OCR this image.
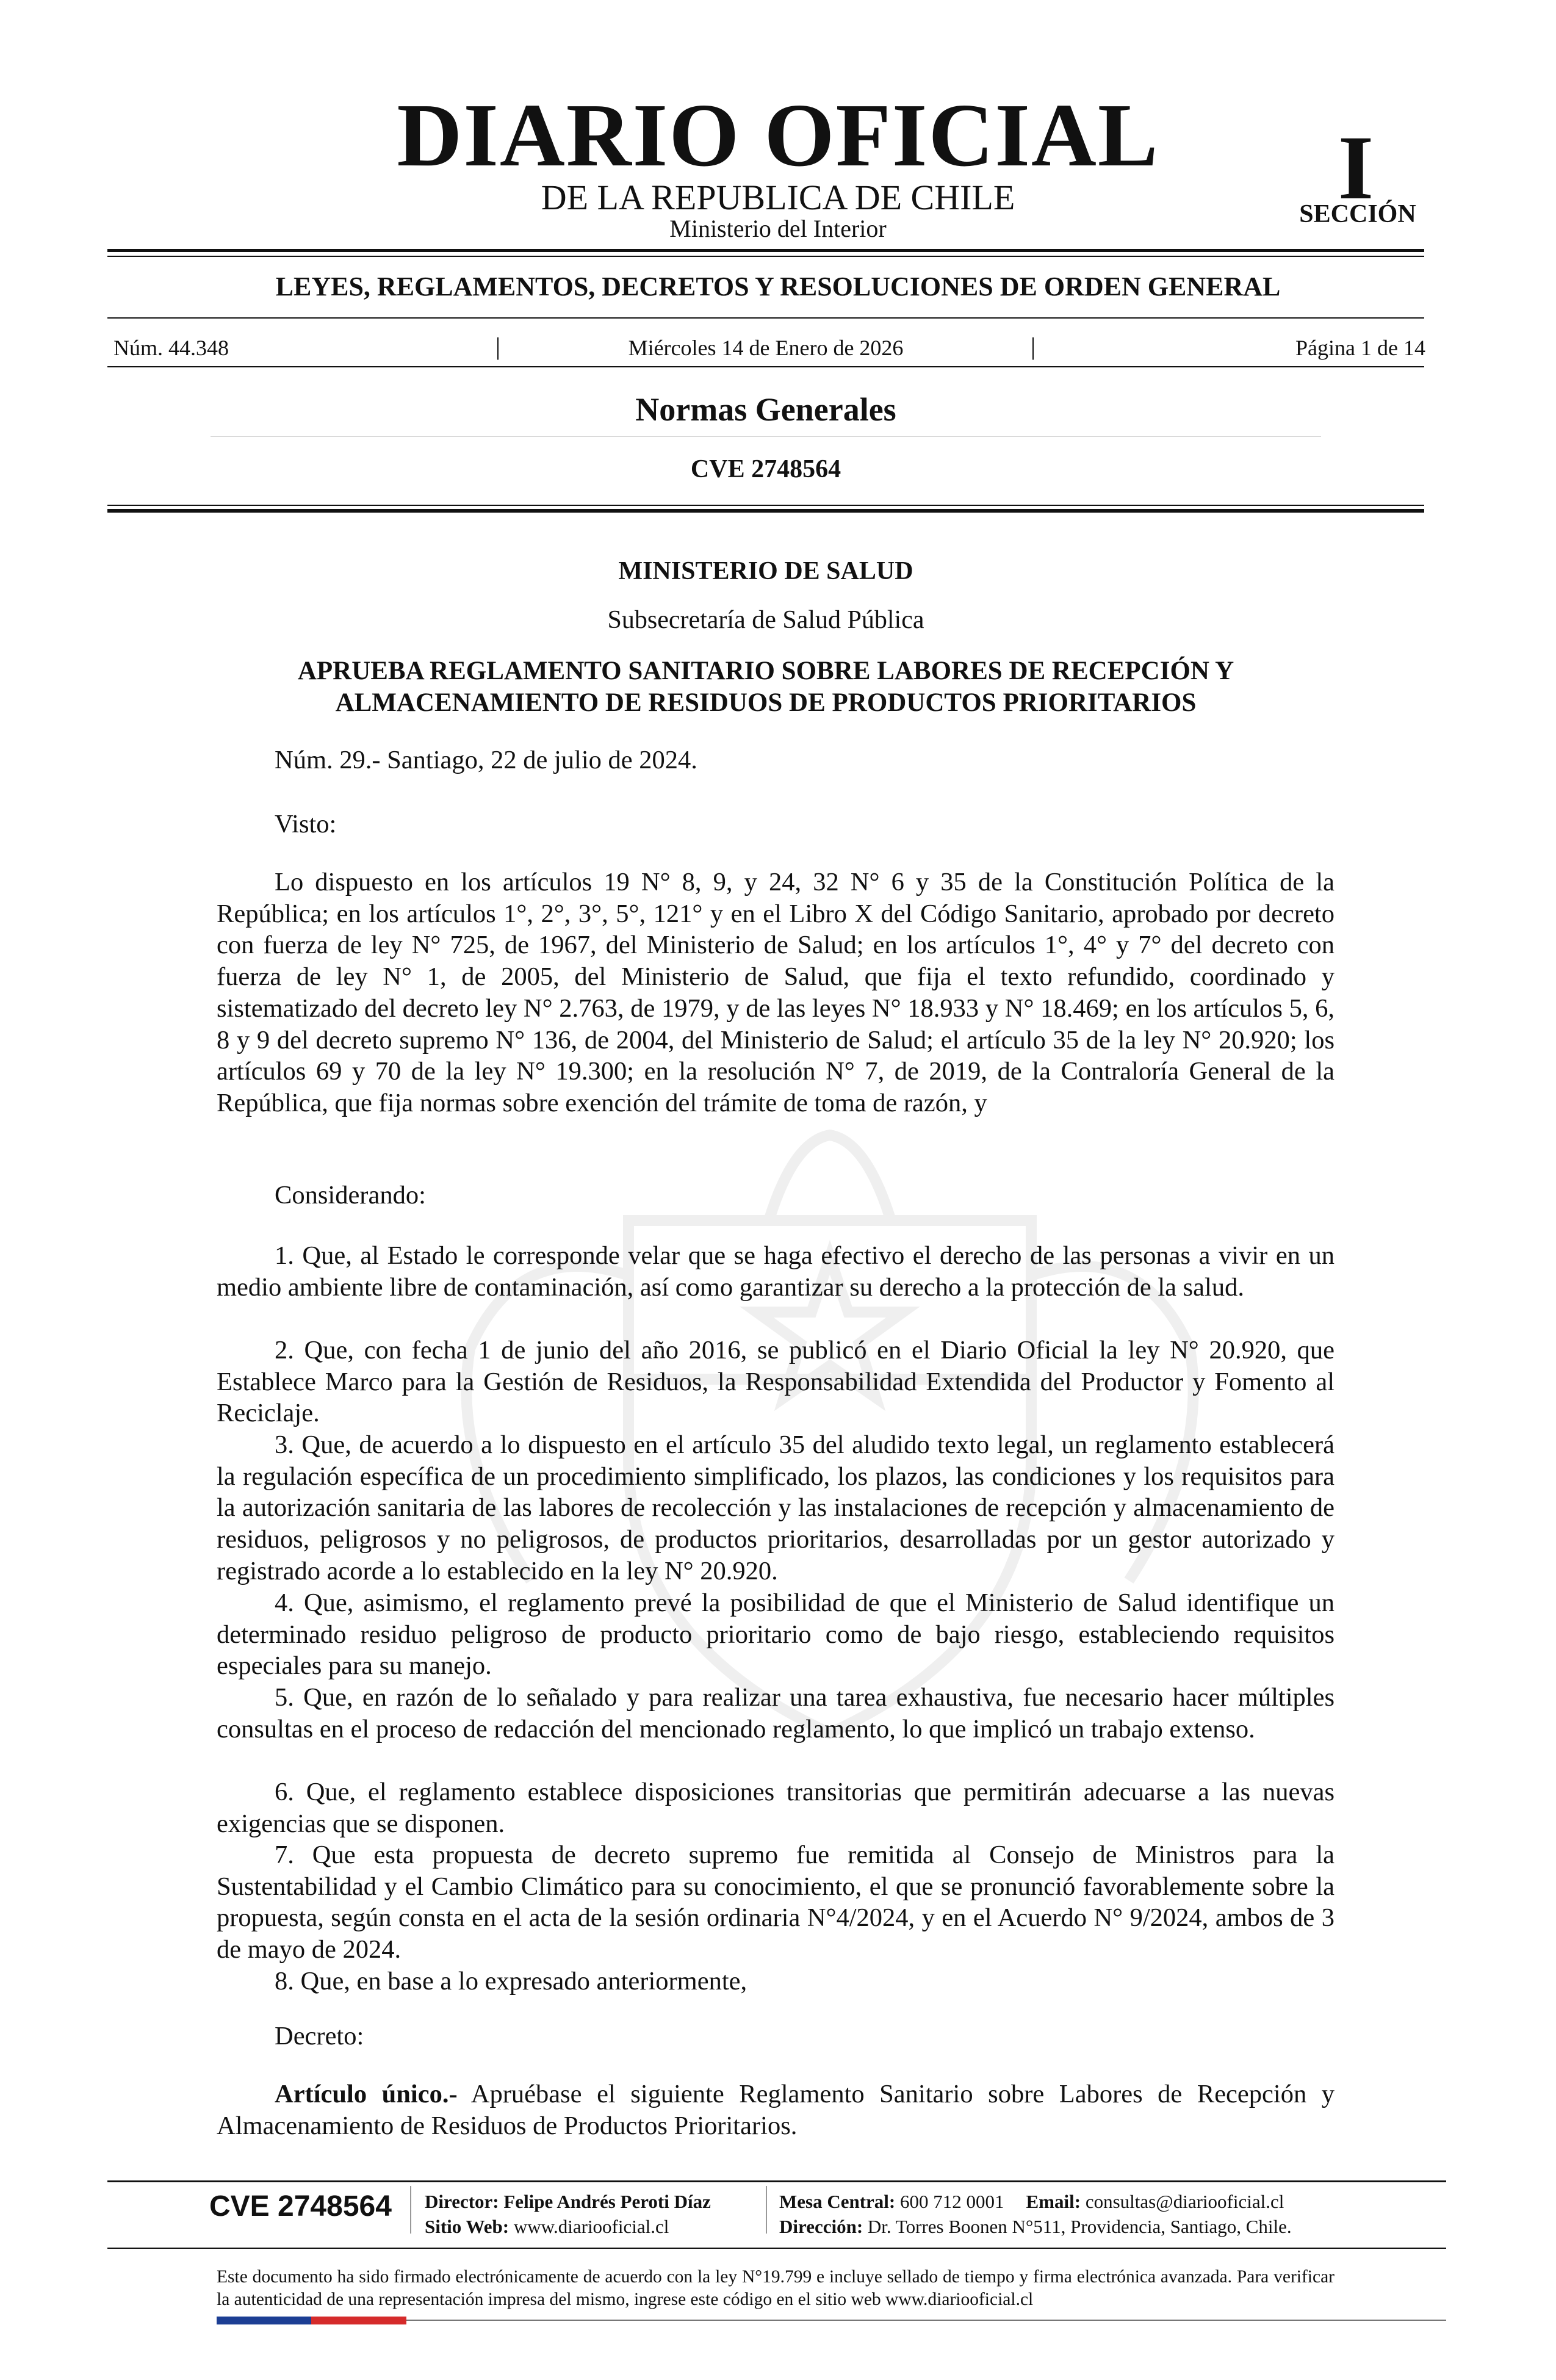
DIARIO OFICIAL
DE LA REPUBLICA DE CHILE
Ministerio del Interior
I
SECCIÓN
LEYES, REGLAMENTOS, DECRETOS Y RESOLUCIONES DE ORDEN GENERAL
Núm. 44.348	|	Miércoles 14 de Enero de 2026	|	Página 1 de 14
Normas Generales
CVE 2748564
MINISTERIO DE SALUD
Subsecretaría de Salud Pública
APRUEBA REGLAMENTO SANITARIO SOBRE LABORES DE RECEPCIÓN Y ALMACENAMIENTO DE RESIDUOS DE PRODUCTOS PRIORITARIOS

Núm. 29.- Santiago, 22 de julio de 2024.

Visto:

Lo dispuesto en los artículos 19 N° 8, 9, y 24, 32 N° 6 y 35 de la Constitución Política de la República; en los artículos 1°, 2°, 3°, 5°, 121° y en el Libro X del Código Sanitario, aprobado por decreto con fuerza de ley N° 725, de 1967, del Ministerio de Salud; en los artículos 1°, 4° y 7° del decreto con fuerza de ley N° 1, de 2005, del Ministerio de Salud, que fija el texto refundido, coordinado y sistematizado del decreto ley N° 2.763, de 1979, y de las leyes N° 18.933 y N° 18.469; en los artículos 5, 6, 8 y 9 del decreto supremo N° 136, de 2004, del Ministerio de Salud; el artículo 35 de la ley N° 20.920; los artículos 69 y 70 de la ley N° 19.300; en la resolución N° 7, de 2019, de la Contraloría General de la República, que fija normas sobre exención del trámite de toma de razón, y

Considerando:

1. Que, al Estado le corresponde velar que se haga efectivo el derecho de las personas a vivir en un medio ambiente libre de contaminación, así como garantizar su derecho a la protección de la salud.

2. Que, con fecha 1 de junio del año 2016, se publicó en el Diario Oficial la ley N° 20.920, que Establece Marco para la Gestión de Residuos, la Responsabilidad Extendida del Productor y Fomento al Reciclaje.

3. Que, de acuerdo a lo dispuesto en el artículo 35 del aludido texto legal, un reglamento establecerá la regulación específica de un procedimiento simplificado, los plazos, las condiciones y los requisitos para la autorización sanitaria de las labores de recolección y las instalaciones de recepción y almacenamiento de residuos, peligrosos y no peligrosos, de productos prioritarios, desarrolladas por un gestor autorizado y registrado acorde a lo establecido en la ley N° 20.920.

4. Que, asimismo, el reglamento prevé la posibilidad de que el Ministerio de Salud identifique un determinado residuo peligroso de producto prioritario como de bajo riesgo, estableciendo requisitos especiales para su manejo.

5. Que, en razón de lo señalado y para realizar una tarea exhaustiva, fue necesario hacer múltiples consultas en el proceso de redacción del mencionado reglamento, lo que implicó un trabajo extenso.

6. Que, el reglamento establece disposiciones transitorias que permitirán adecuarse a las nuevas exigencias que se disponen.

7. Que esta propuesta de decreto supremo fue remitida al Consejo de Ministros para la Sustentabilidad y el Cambio Climático para su conocimiento, el que se pronunció favorablemente sobre la propuesta, según consta en el acta de la sesión ordinaria N°4/2024, y en el Acuerdo N° 9/2024, ambos de 3 de mayo de 2024.

8. Que, en base a lo expresado anteriormente,

Decreto:

Artículo único.- Apruébase el siguiente Reglamento Sanitario sobre Labores de Recepción y Almacenamiento de Residuos de Productos Prioritarios.

CVE 2748564 Director: Felipe Andrés Peroti Díaz
Sitio Web: www.diariooficial.cl
Mesa Central: 600 712 0001 Email: consultas@diariooficial.cl
Dirección: Dr. Torres Boonen N°511, Providencia, Santiago, Chile.

Este documento ha sido firmado electrónicamente de acuerdo con la ley N°19.799 e incluye sellado de tiempo y firma electrónica avanzada. Para verificar la autenticidad de una representación impresa del mismo, ingrese este código en el sitio web www.diariooficial.cl
